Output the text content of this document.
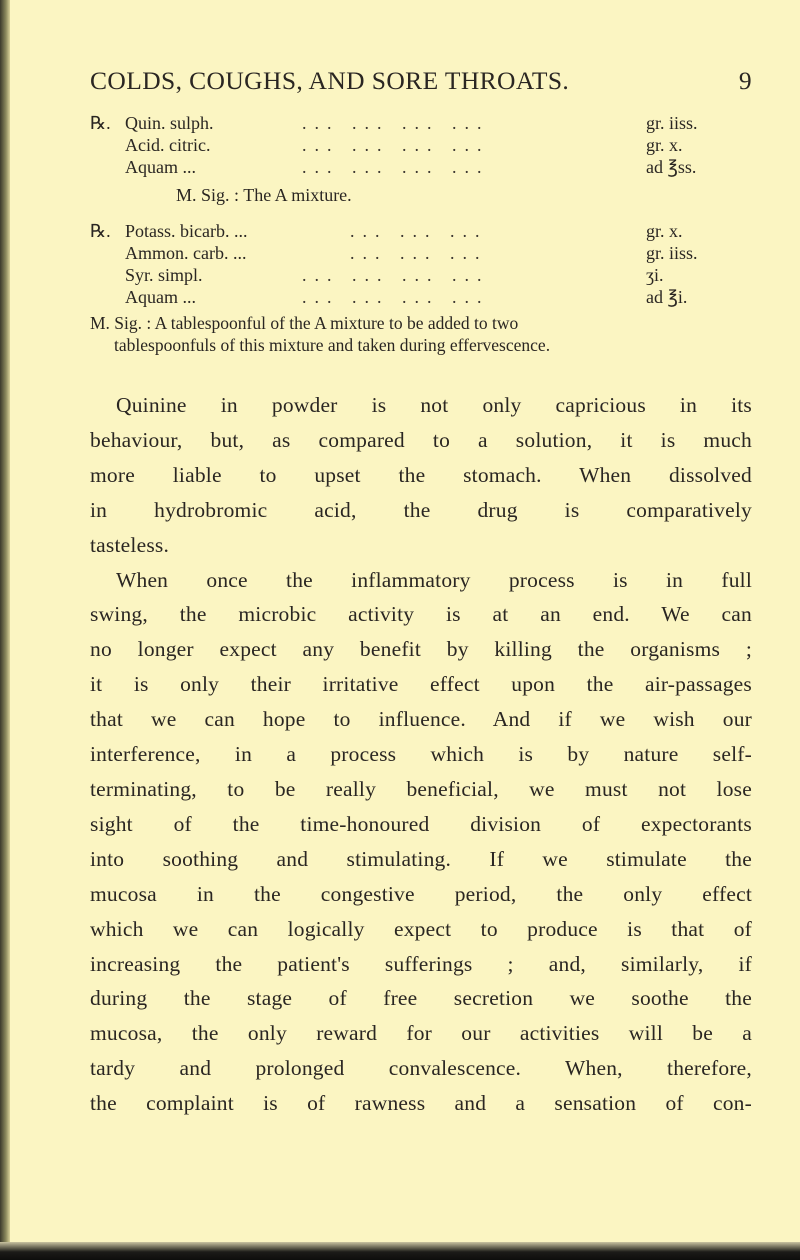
COLDS, COUGHS, AND SORE THROATS.	9
℞. Quin. sulph.	... ... ... ...	gr. iiss.
Acid. citric.	... ... ... ...	gr. x.
Aquam ...	... ... ... ...	ad ℥ss.
M. Sig. : The A mixture.
℞. Potass. bicarb. ...	... ... ...	gr. x.
Ammon. carb. ...	... ... ...	gr. iiss.
Syr. simpl.	... ... ... ...	ʒi.
Aquam ...	... ... ... ...	ad ℥i.
M. Sig. : A tablespoonful of the A mixture to be added to two
tablespoonfuls of this mixture and taken during effervescence.
Quinine in powder is not only capricious in its
behaviour, but, as compared to a solution, it is much
more liable to upset the stomach. When dissolved
in hydrobromic acid, the drug is comparatively
tasteless.
When once the inflammatory process is in full
swing, the microbic activity is at an end. We can
no longer expect any benefit by killing the organisms ;
it is only their irritative effect upon the air-passages
that we can hope to influence. And if we wish our
interference, in a process which is by nature self-
terminating, to be really beneficial, we must not lose
sight of the time-honoured division of expectorants
into soothing and stimulating. If we stimulate the
mucosa in the congestive period, the only effect
which we can logically expect to produce is that of
increasing the patient's sufferings ; and, similarly, if
during the stage of free secretion we soothe the
mucosa, the only reward for our activities will be a
tardy and prolonged convalescence. When, therefore,
the complaint is of rawness and a sensation of con-
